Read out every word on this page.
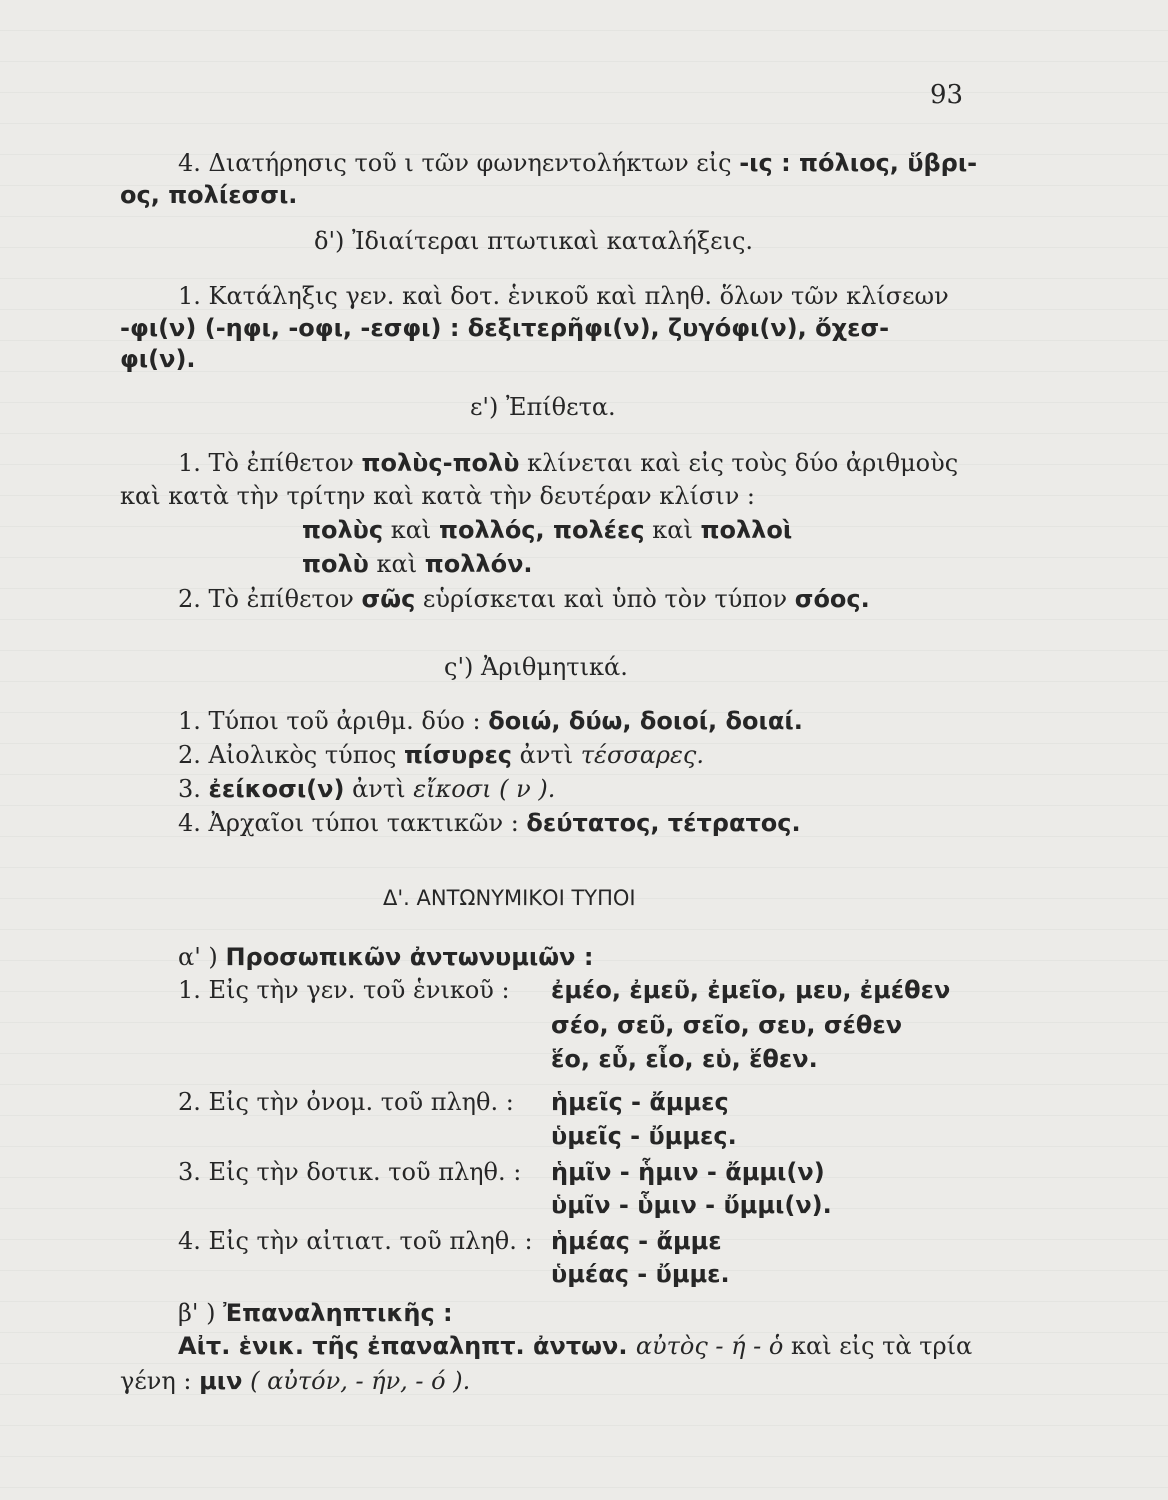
93
4. Διατήρησις τοῦ ι τῶν φωνηεντολήκτων εἰς -ις : πόλιος, ὕβρι-
ος, πολίεσσι.
δ') Ἰδιαίτεραι πτωτικαὶ καταλήξεις.
1. Κατάληξις γεν. καὶ δοτ. ἑνικοῦ καὶ πληθ. ὅλων τῶν κλίσεων
-φι(ν) (-ηφι, -οφι, -εσφι) : δεξιτερῆφι(ν), ζυγόφι(ν), ὄχεσ-
φι(ν).
ε') Ἐπίθετα.
1. Τὸ ἐπίθετον πολὺς-πολὺ κλίνεται καὶ εἰς τοὺς δύο ἀριθμοὺς
καὶ κατὰ τὴν τρίτην καὶ κατὰ τὴν δευτέραν κλίσιν :
πολὺς καὶ πολλός, πολέες καὶ πολλοὶ
πολὺ καὶ πολλόν.
2. Τὸ ἐπίθετον σῶς εὑρίσκεται καὶ ὑπὸ τὸν τύπον σόος.
ς') Ἀριθμητικά.
1. Τύποι τοῦ ἀριθμ. δύο : δοιώ, δύω, δοιοί, δοιαί.
2. Αἰολικὸς τύπος πίσυρες ἀντὶ τέσσαρες.
3. ἐείκοσι(ν) ἀντὶ εἴκοσι ( ν ).
4. Ἀρχαῖοι τύποι τακτικῶν : δεύτατος, τέτρατος.
Δ'. ΑΝΤΩΝΥΜΙΚΟΙ ΤΥΠΟΙ
α' ) Προσωπικῶν ἀντωνυμιῶν :
1. Εἰς τὴν γεν. τοῦ ἑνικοῦ : ἐμέο, ἐμεῦ, ἐμεῖο, μευ, ἐμέθεν
σέο, σεῦ, σεῖο, σευ, σέθεν
ἕο, εὗ, εἷο, εὑ, ἕθεν.
2. Εἰς τὴν ὀνομ. τοῦ πληθ. : ἡμεῖς - ἄμμες
ὑμεῖς - ὔμμες.
3. Εἰς τὴν δοτικ. τοῦ πληθ. : ἡμῖν - ἧμιν - ἄμμι(ν)
ὑμῖν - ὗμιν - ὔμμι(ν).
4. Εἰς τὴν αἰτιατ. τοῦ πληθ. : ἡμέας - ἄμμε
ὑμέας - ὔμμε.
β' ) Ἐπαναληπτικῆς :
Αἰτ. ἑνικ. τῆς ἐπαναληπτ. ἀντων. αὐτὸς - ή - ὁ καὶ εἰς τὰ τρία
γένη : μιν ( αὐτόν, - ήν, - ό ).
